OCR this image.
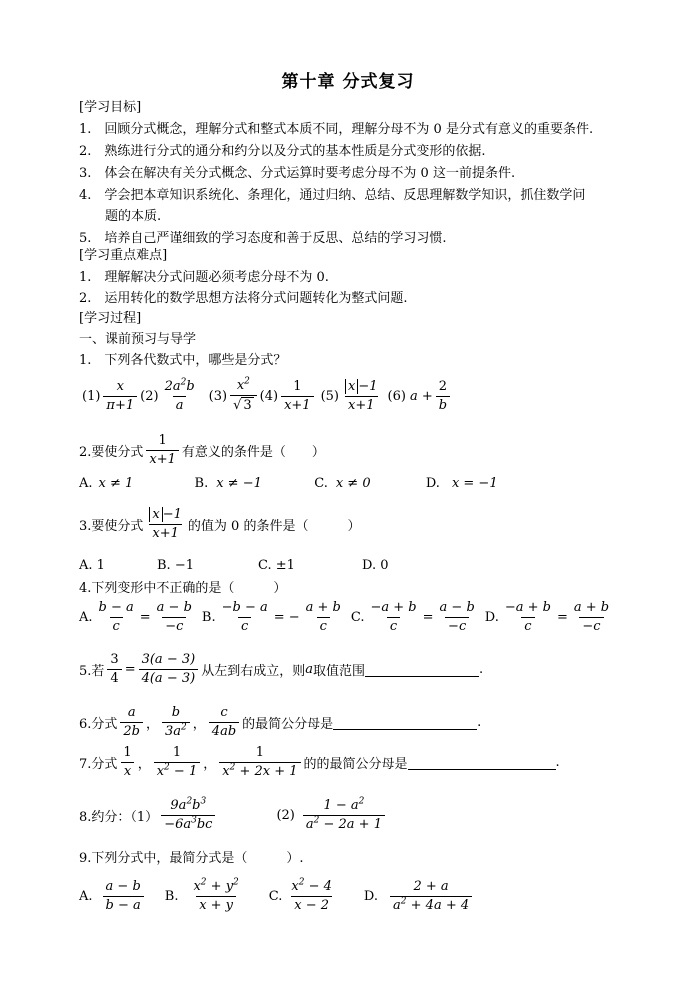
第十章 分式复习
[学习目标]
1.　回顾分式概念，理解分式和整式本质不同，理解分母不为 0 是分式有意义的重要条件.
2.　熟练进行分式的通分和约分以及分式的基本性质是分式变形的依据.
3.　体会在解决有关分式概念、分式运算时要考虑分母不为 0 这一前提条件.
4.　学会把本章知识系统化、条理化，通过归纳、总结、反思理解数学知识，抓住数学问
　　题的本质.
5.　培养自己严谨细致的学习态度和善于反思、总结的学习习惯.
[学习重点难点]
1.　理解解决分式问题必须考虑分母不为 0.
2.　运用转化的数学思想方法将分式问题转化为整式问题.
[学习过程]
一、课前预习与导学
1.　下列各代数式中，哪些是分式？
$(1) \frac{x}{\pi+1} (2) \frac{2a^2b}{a} (3) \frac{x^2}{√ 3} (4) \frac{1}{x+1} (5) \frac{x -1}{x+1} (6) a + \frac{2}{b}$
2.要使分式 $\frac{1}{x+1}$ 有意义的条件是（　　）
A. x ≠ 1	B. x ≠ −1	C. x ≠ 0	D. x = −1
3.要使分式 $\frac{x -1}{x+1}$ 的值为 0 的条件是（　　　）
A. 1	B. −1	C. ±1	D. 0
4.下列变形中不正确的是（　　　）
A. $\frac{b - a}{c} = \frac{a - b}{-c} B$. $\frac{-b - a}{c}$ = − $\frac{a + b}{c} C$. $\frac{-a + b}{c} = \frac{a - b}{-c} D$. $\frac{-a + b}{c} = \frac{a + b}{-c}$
5.若 $\frac{3}{4} = \frac{3(a - 3)}{4(a - 3)}$ 从左到右成立，则 a 取值范围	.
6.分式 $\frac{a}{2b}$ ， $\frac{b}{3a^2}$ ， $\frac{c}{4ab}$ 的最简公分母是	.
7.分式 $\frac{1}{x}$ ， $\frac{1}{x^2 - 1}$ ， $\frac{1}{x^2 + 2x + 1}$ 的的最简公分母是	.
8.约分：$(1) \frac{9a^2b^3}{-6a^3bc}$	$(2) \frac{1 - a^2}{a^2 - 2a + 1}$
9.下列分式中，最简分式是（　　　）.
A. $\frac{a - b}{b - a} B$. $\frac{x^2 + y^2}{x + y} C$. $\frac{x^2 - 4}{x - 2} D$. $\frac{2 + a}{a^2 + 4a + 4}$
